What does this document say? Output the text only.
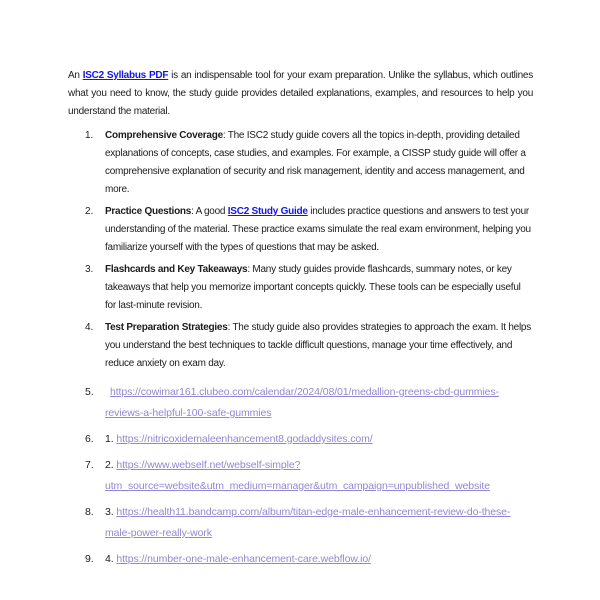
An ISC2 Syllabus PDF is an indispensable tool for your exam preparation. Unlike the syllabus, which outlines what you need to know, the study guide provides detailed explanations, examples, and resources to help you understand the material.

1. Comprehensive Coverage: The ISC2 study guide covers all the topics in-depth, providing detailed explanations of concepts, case studies, and examples. For example, a CISSP study guide will offer a comprehensive explanation of security and risk management, identity and access management, and more.
2. Practice Questions: A good ISC2 Study Guide includes practice questions and answers to test your understanding of the material. These practice exams simulate the real exam environment, helping you familiarize yourself with the types of questions that may be asked.
3. Flashcards and Key Takeaways: Many study guides provide flashcards, summary notes, or key takeaways that help you memorize important concepts quickly. These tools can be especially useful for last-minute revision.
4. Test Preparation Strategies: The study guide also provides strategies to approach the exam. It helps you understand the best techniques to tackle difficult questions, manage your time effectively, and reduce anxiety on exam day.
5.	https://cowimar161.clubeo.com/calendar/2024/08/01/medallion-greens-cbd-gummies-reviews-a-helpful-100-safe-gummies
6. 1. https://nitricoxidemaleenhancement8.godaddysites.com/
7. 2. https://www.webself.net/webself-simple?utm_source=website&utm_medium=manager&utm_campaign=unpublished_website
8. 3. https://health11.bandcamp.com/album/titan-edge-male-enhancement-review-do-these-male-power-really-work
9. 4. https://number-one-male-enhancement-care.webflow.io/
